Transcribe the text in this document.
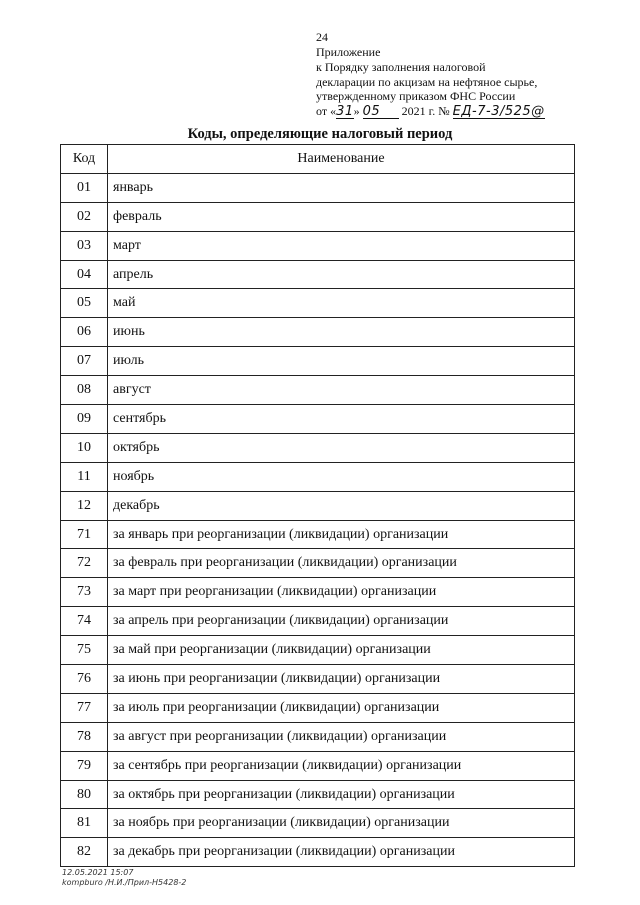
24
Приложение
к Порядку заполнения налоговой
декларации по акцизам на нефтяное сырье,
утвержденному приказом ФНС России
от «31» 05 2021 г. № ЕД-7-3/525@
Коды, определяющие налоговый период
Код	Наименование
01	январь
02	февраль
03	март
04	апрель
05	май
06	июнь
07	июль
08	август
09	сентябрь
10	октябрь
11	ноябрь
12	декабрь
71	за январь при реорганизации (ликвидации) организации
72	за февраль при реорганизации (ликвидации) организации
73	за март при реорганизации (ликвидации) организации
74	за апрель при реорганизации (ликвидации) организации
75	за май при реорганизации (ликвидации) организации
76	за июнь при реорганизации (ликвидации) организации
77	за июль при реорганизации (ликвидации) организации
78	за август при реорганизации (ликвидации) организации
79	за сентябрь при реорганизации (ликвидации) организации
80	за октябрь при реорганизации (ликвидации) организации
81	за ноябрь при реорганизации (ликвидации) организации
82	за декабрь при реорганизации (ликвидации) организации
12.05.2021 15:07
kompburo /Н.И./Прил-Н5428-2
